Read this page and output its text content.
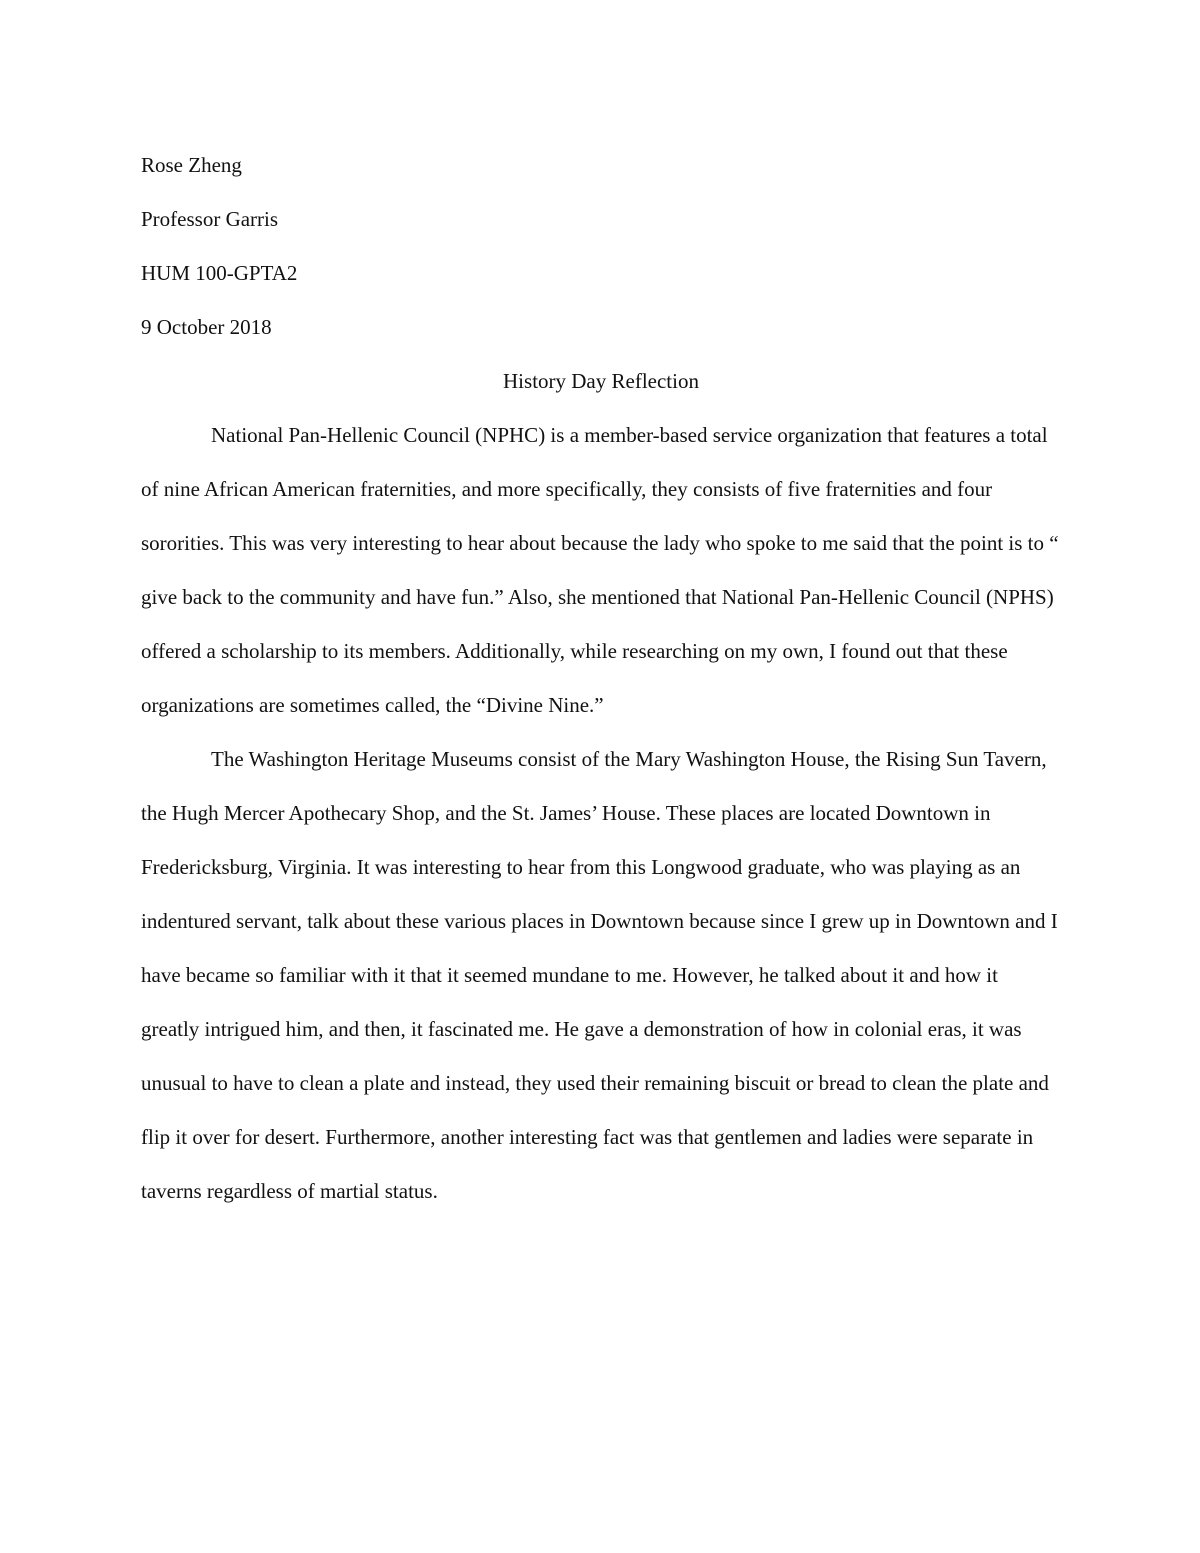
Rose Zheng

Professor Garris

HUM 100-GPTA2

9 October 2018

History Day Reflection

National Pan-Hellenic Council (NPHC) is a member-based service organization that features a total of nine African American fraternities, and more specifically, they consists of five fraternities and four sororities. This was very interesting to hear about because the lady who spoke to me said that the point is to “ give back to the community and have fun.” Also, she mentioned that National Pan-Hellenic Council (NPHS) offered a scholarship to its members. Additionally, while researching on my own, I found out that these organizations are sometimes called, the “Divine Nine.”

The Washington Heritage Museums consist of the Mary Washington House, the Rising Sun Tavern, the Hugh Mercer Apothecary Shop, and the St. James’ House. These places are located Downtown in Fredericksburg, Virginia. It was interesting to hear from this Longwood graduate, who was playing as an indentured servant, talk about these various places in Downtown because since I grew up in Downtown and I have became so familiar with it that it seemed mundane to me. However, he talked about it and how it greatly intrigued him, and then, it fascinated me. He gave a demonstration of how in colonial eras, it was unusual to have to clean a plate and instead, they used their remaining biscuit or bread to clean the plate and flip it over for desert. Furthermore, another interesting fact was that gentlemen and ladies were separate in taverns regardless of martial status.
